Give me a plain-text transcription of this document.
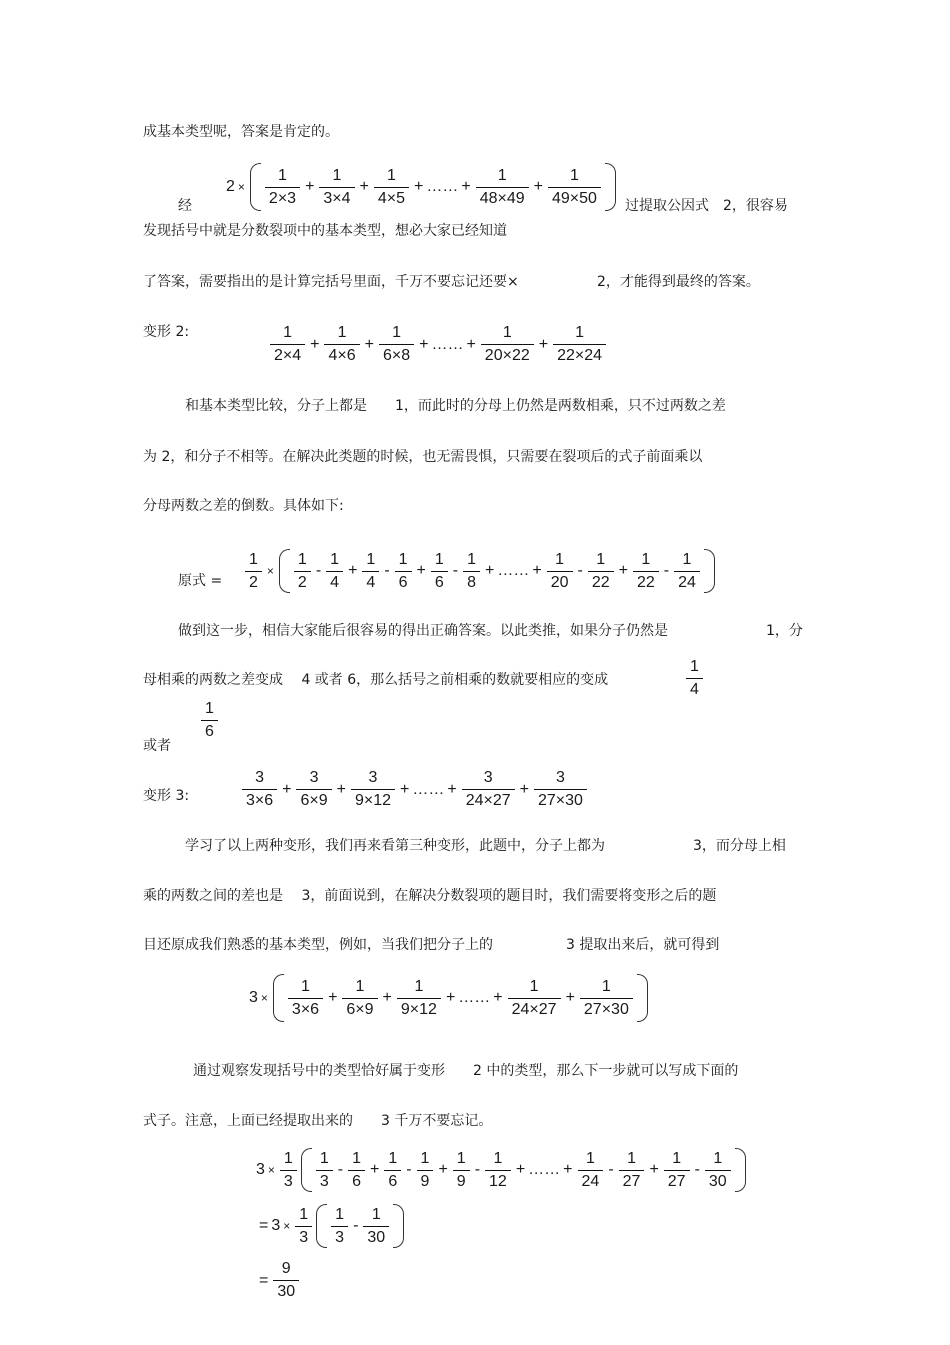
成基本类型呢，答案是肯定的。
经
2 ×
1
2×3
+ $\frac{1}{3\times 4} + \frac{1}{4\times 5}$ + …… + $\frac{1}{48\times 49} + \frac{1}{49\times 50}$ 过提取公因式　2，很容易
发现括号中就是分数裂项中的基本类型，想必大家已经知道
了答案，需要指出的是计算完括号里面，千万不要忘记还要×	2，才能得到最终的答案。
变形 2:	1
2×4
+ $\frac{1}{4\times 6} + \frac{1}{6\times 8}$ + …… + $\frac{1}{20\times 22} + \frac{1}{22\times 24}$
和基本类型比较，分子上都是　　1，而此时的分母上仍然是两数相乘，只不过两数之差
为 2，和分子不相等。在解决此类题的时候，也无需畏惧，只需要在裂项后的式子前面乘以
分母两数之差的倒数。具体如下:
原式 = $\frac{1}{2}$ ×
1
2
-
1
4
+ $\frac{1}{4}$ -
1
6
+ $\frac{1}{6}$ -
1
8
+ …… + $\frac{1}{20}$ -
1
22
+ $\frac{1}{22}$ -
1
24
做到这一步，相信大家能后很容易的得出正确答案。以此类推，如果分子仍然是	1，分
母相乘的两数之差变成　 4 或者 6，那么括号之前相乘的数就要相应的变成
1
4
1
6
或者
变形 3:
3
3×6
+ $\frac{3}{6\times 9} + \frac{3}{9\times 12}$ + …… + $\frac{3}{24\times 27} + \frac{3}{27\times 30}$
学习了以上两种变形，我们再来看第三种变形，此题中，分子上都为	3，而分母上相
乘的两数之间的差也是　 3，前面说到，在解决分数裂项的题目时，我们需要将变形之后的题
目还原成我们熟悉的基本类型，例如，当我们把分子上的	3 提取出来后，就可得到
3 ×
1
3×6
+ $\frac{1}{6\times 9} + \frac{1}{9\times 12}$ + …… + $\frac{1}{24\times 27} + \frac{1}{27\times 30}$
通过观察发现括号中的类型恰好属于变形　　2 中的类型，那么下一步就可以写成下面的
式子。注意，上面已经提取出来的　　3 千万不要忘记。
$3 \times \frac{1}{3} 1$
3
-
1
6
+ $\frac{1}{6}$ -
1
9
+ $\frac{1}{9}$ -
1
12
+ …… + $\frac{1}{24}$ -
1
27
+ $\frac{1}{27}$ -
1
30
= $3 \times \frac{1}{3} 1$
3
-
1
30
= $\frac{9}{30}$
